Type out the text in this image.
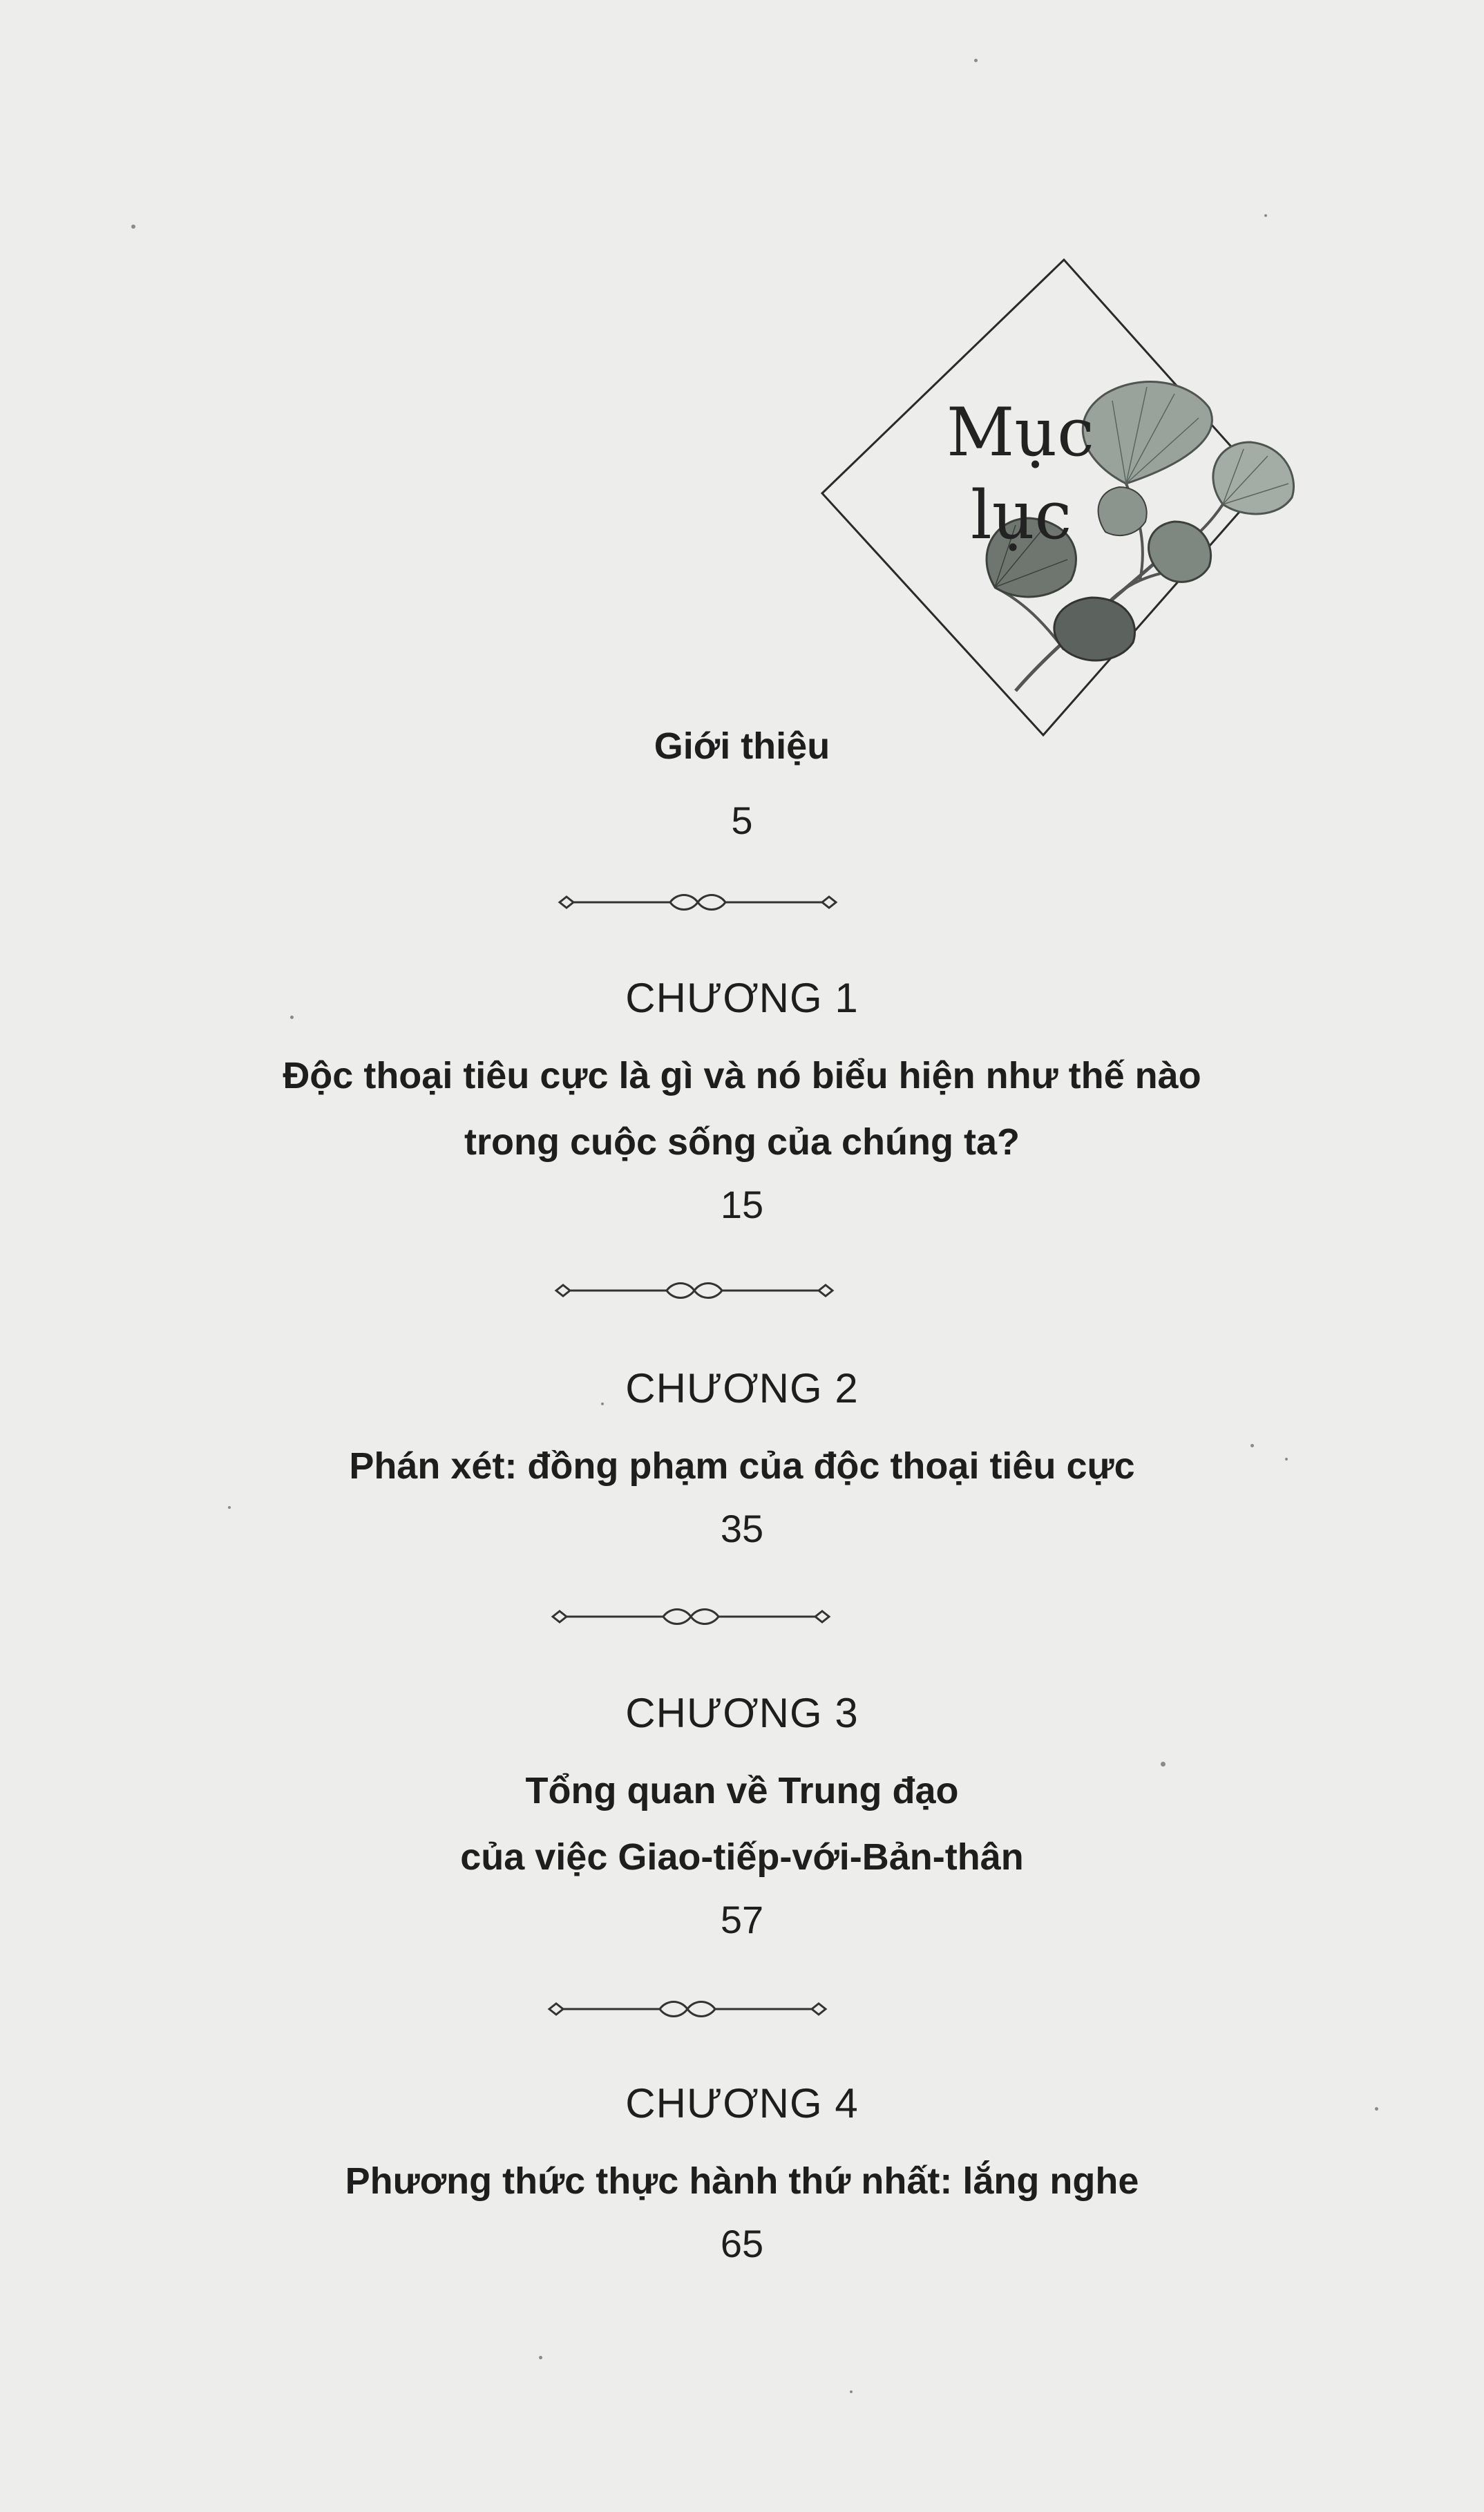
Mục
lục
Giới thiệu
5
CHƯƠNG 1
Độc thoại tiêu cực là gì và nó biểu hiện như thế nào
trong cuộc sống của chúng ta?
15
CHƯƠNG 2
Phán xét: đồng phạm của độc thoại tiêu cực
35
CHƯƠNG 3
Tổng quan về Trung đạo
của việc Giao-tiếp-với-Bản-thân
57
CHƯƠNG 4
Phương thức thực hành thứ nhất: lắng nghe
65
